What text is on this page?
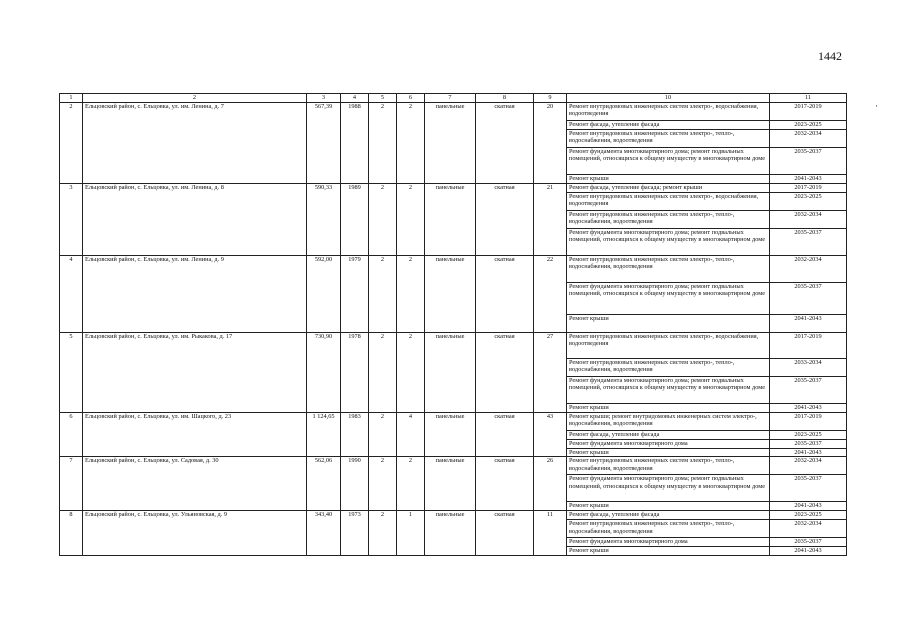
1442
·
1	2	3	4	5	6	7	8	9	10	11
2	Ельцовский район, с. Ельцовка, ул. им. Ленина, д. 7	567,39	1988	2	2	панельные	скатная	20	Ремонт внутридомовых инженерных систем электро-, водоснабжения, водоотведения	2017-2019
									Ремонт фасада, утепление фасада	2023-2025
									Ремонт внутридомовых инженерных систем электро-, тепло-, водоснабжения, водоотведения	2032-2034
									Ремонт фундамента многоквартирного дома; ремонт подвальных помещений, относящихся к общему имуществу в многоквартирном доме	2035-2037
									Ремонт крыши	2041-2043
3	Ельцовский район, с. Ельцовка, ул. им. Ленина, д. 8	590,33	1989	2	2	панельные	скатная	21	Ремонт фасада, утепление фасада; ремонт крыши	2017-2019
									Ремонт внутридомовых инженерных систем электро-, водоснабжения, водоотведения	2023-2025
									Ремонт внутридомовых инженерных систем электро-, тепло-, водоснабжения, водоотведения	2032-2034
									Ремонт фундамента многоквартирного дома; ремонт подвальных помещений, относящихся к общему имуществу в многоквартирном доме	2035-2037
4	Ельцовский район, с. Ельцовка, ул. им. Ленина, д. 9	592,00	1979	2	2	панельные	скатная	22	Ремонт внутридомовых инженерных систем электро-, тепло-, водоснабжения, водоотведения	2032-2034
									Ремонт фундамента многоквартирного дома; ремонт подвальных помещений, относящихся к общему имуществу в многоквартирном доме	2035-2037
									Ремонт крыши	2041-2043
5	Ельцовский район, с. Ельцовка, ул. им. Рыкакова, д. 17	730,90	1978	2	2	панельные	скатная	27	Ремонт внутридомовых инженерных систем электро-, водоснабжения, водоотведения	2017-2019
									Ремонт внутридомовых инженерных систем электро-, тепло-, водоснабжения, водоотведения	2033-2034
									Ремонт фундамента многоквартирного дома; ремонт подвальных помещений, относящихся к общему имуществу в многоквартирном доме	2035-2037
									Ремонт крыши	2041-2043
6	Ельцовский район, с. Ельцовка, ул. им. Шацкого, д. 23	1 124,65	1983	2	4	панельные	скатная	43	Ремонт крыши; ремонт внутридомовых инженерных систем электро-, водоснабжения, водоотведения	2017-2019
									Ремонт фасада, утепление фасада	2023-2025
									Ремонт фундамента многоквартирного дома	2035-2037
									Ремонт крыши	2041-2043
7	Ельцовский район, с. Ельцовка, ул. Садовая, д. 30	562,06	1990	2	2	панельные	скатная	26	Ремонт внутридомовых инженерных систем электро-, тепло-, водоснабжения, водоотведения	2032-2034
									Ремонт фундамента многоквартирного дома; ремонт подвальных помещений, относящихся к общему имуществу в многоквартирном доме	2035-2037
									Ремонт крыши	2041-2043
8	Ельцовский район, с. Ельцовка, ул. Ульяновская, д. 9	343,40	1973	2	1	панельные	скатная	11	Ремонт фасада, утепление фасада	2023-2025
									Ремонт внутридомовых инженерных систем электро-, тепло-, водоснабжения, водоотведения	2032-2034
									Ремонт фундамента многоквартирного дома	2035-2037
									Ремонт крыши	2041-2043
